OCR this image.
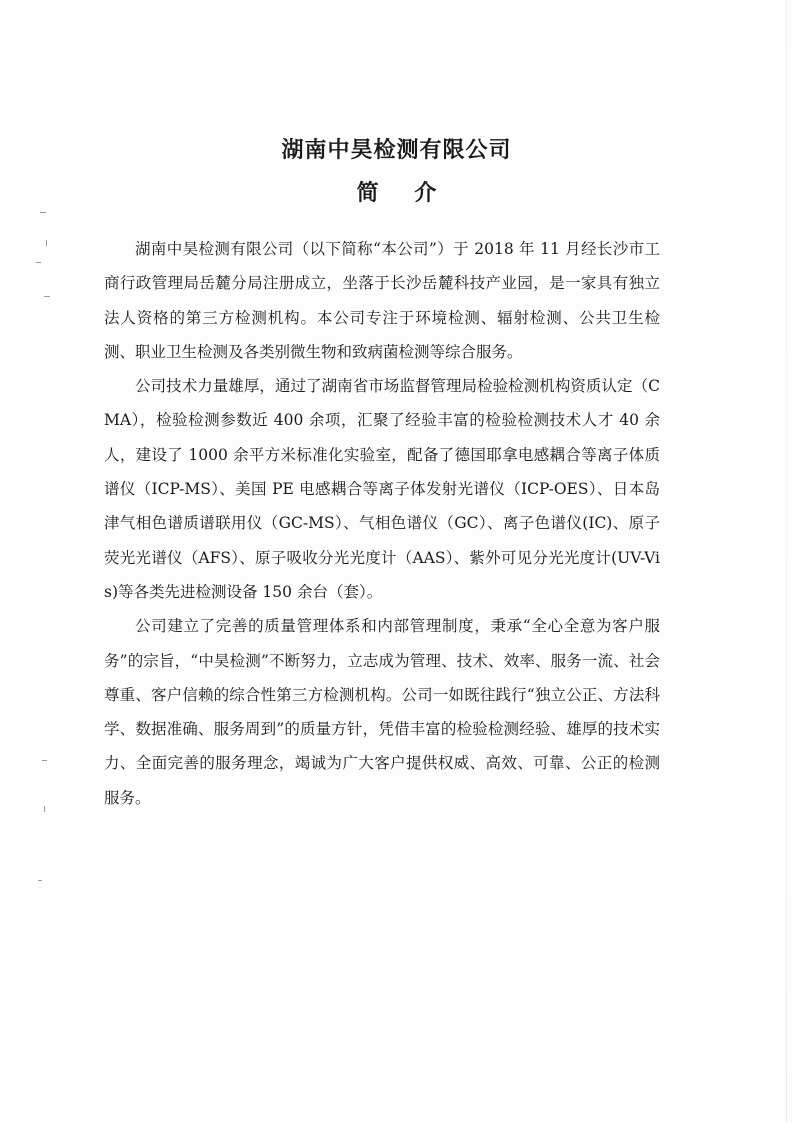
湖南中昊检测有限公司
简 介

湖南中昊检测有限公司（以下简称“本公司”）于 2018 年 11 月经长沙市工商行政管理局岳麓分局注册成立，坐落于长沙岳麓科技产业园，是一家具有独立法人资格的第三方检测机构。本公司专注于环境检测、辐射检测、公共卫生检测、职业卫生检测及各类别微生物和致病菌检测等综合服务。

公司技术力量雄厚，通过了湖南省市场监督管理局检验检测机构资质认定（CMA），检验检测参数近 400 余项，汇聚了经验丰富的检验检测技术人才 40 余人，建设了 1000 余平方米标准化实验室，配备了德国耶拿电感耦合等离子体质谱仪（ICP-MS）、美国 PE 电感耦合等离子体发射光谱仪（ICP-OES）、日本岛津气相色谱质谱联用仪（GC-MS）、气相色谱仪（GC）、离子色谱仪(IC)、原子荧光光谱仪（AFS）、原子吸收分光光度计（AAS）、紫外可见分光光度计(UV-Vis)等各类先进检测设备 150 余台（套）。

公司建立了完善的质量管理体系和内部管理制度，秉承“全心全意为客户服务”的宗旨，“中昊检测”不断努力，立志成为管理、技术、效率、服务一流、社会尊重、客户信赖的综合性第三方检测机构。公司一如既往践行“独立公正、方法科学、数据准确、服务周到”的质量方针，凭借丰富的检验检测经验、雄厚的技术实力、全面完善的服务理念，竭诚为广大客户提供权威、高效、可靠、公正的检测服务。
